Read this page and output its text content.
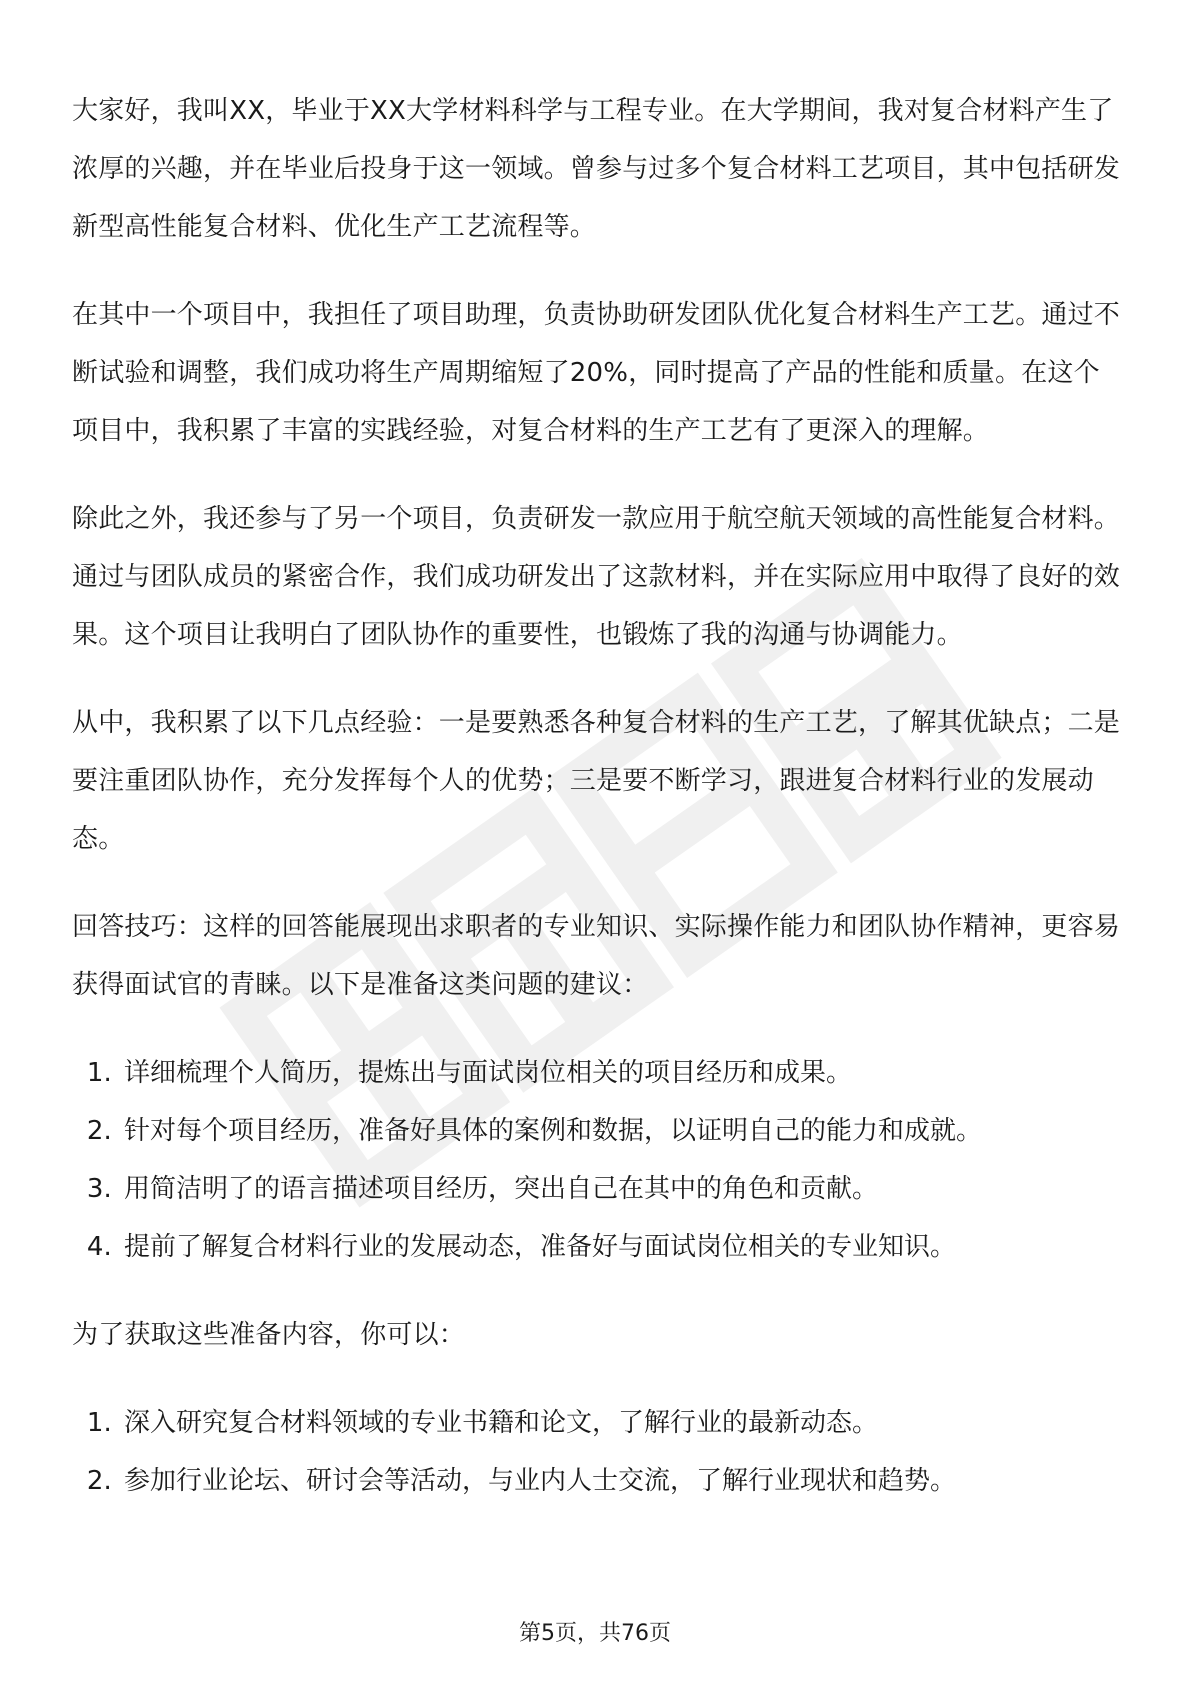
大家好，我叫XX，毕业于XX大学材料科学与工程专业。在大学期间，我对复合材料产生了浓厚的兴趣，并在毕业后投身于这一领域。曾参与过多个复合材料工艺项目，其中包括研发新型高性能复合材料、优化生产工艺流程等。

在其中一个项目中，我担任了项目助理，负责协助研发团队优化复合材料生产工艺。通过不断试验和调整，我们成功将生产周期缩短了20%，同时提高了产品的性能和质量。在这个项目中，我积累了丰富的实践经验，对复合材料的生产工艺有了更深入的理解。

除此之外，我还参与了另一个项目，负责研发一款应用于航空航天领域的高性能复合材料。通过与团队成员的紧密合作，我们成功研发出了这款材料，并在实际应用中取得了良好的效果。这个项目让我明白了团队协作的重要性，也锻炼了我的沟通与协调能力。

从中，我积累了以下几点经验：一是要熟悉各种复合材料的生产工艺，了解其优缺点；二是要注重团队协作，充分发挥每个人的优势；三是要不断学习，跟进复合材料行业的发展动态。

回答技巧：这样的回答能展现出求职者的专业知识、实际操作能力和团队协作精神，更容易获得面试官的青睐。以下是准备这类问题的建议：

1. 详细梳理个人简历，提炼出与面试岗位相关的项目经历和成果。
2. 针对每个项目经历，准备好具体的案例和数据，以证明自己的能力和成就。
3. 用简洁明了的语言描述项目经历，突出自己在其中的角色和贡献。
4. 提前了解复合材料行业的发展动态，准备好与面试岗位相关的专业知识。

为了获取这些准备内容，你可以：

1. 深入研究复合材料领域的专业书籍和论文，了解行业的最新动态。
2. 参加行业论坛、研讨会等活动，与业内人士交流，了解行业现状和趋势。
第5页，共76页
